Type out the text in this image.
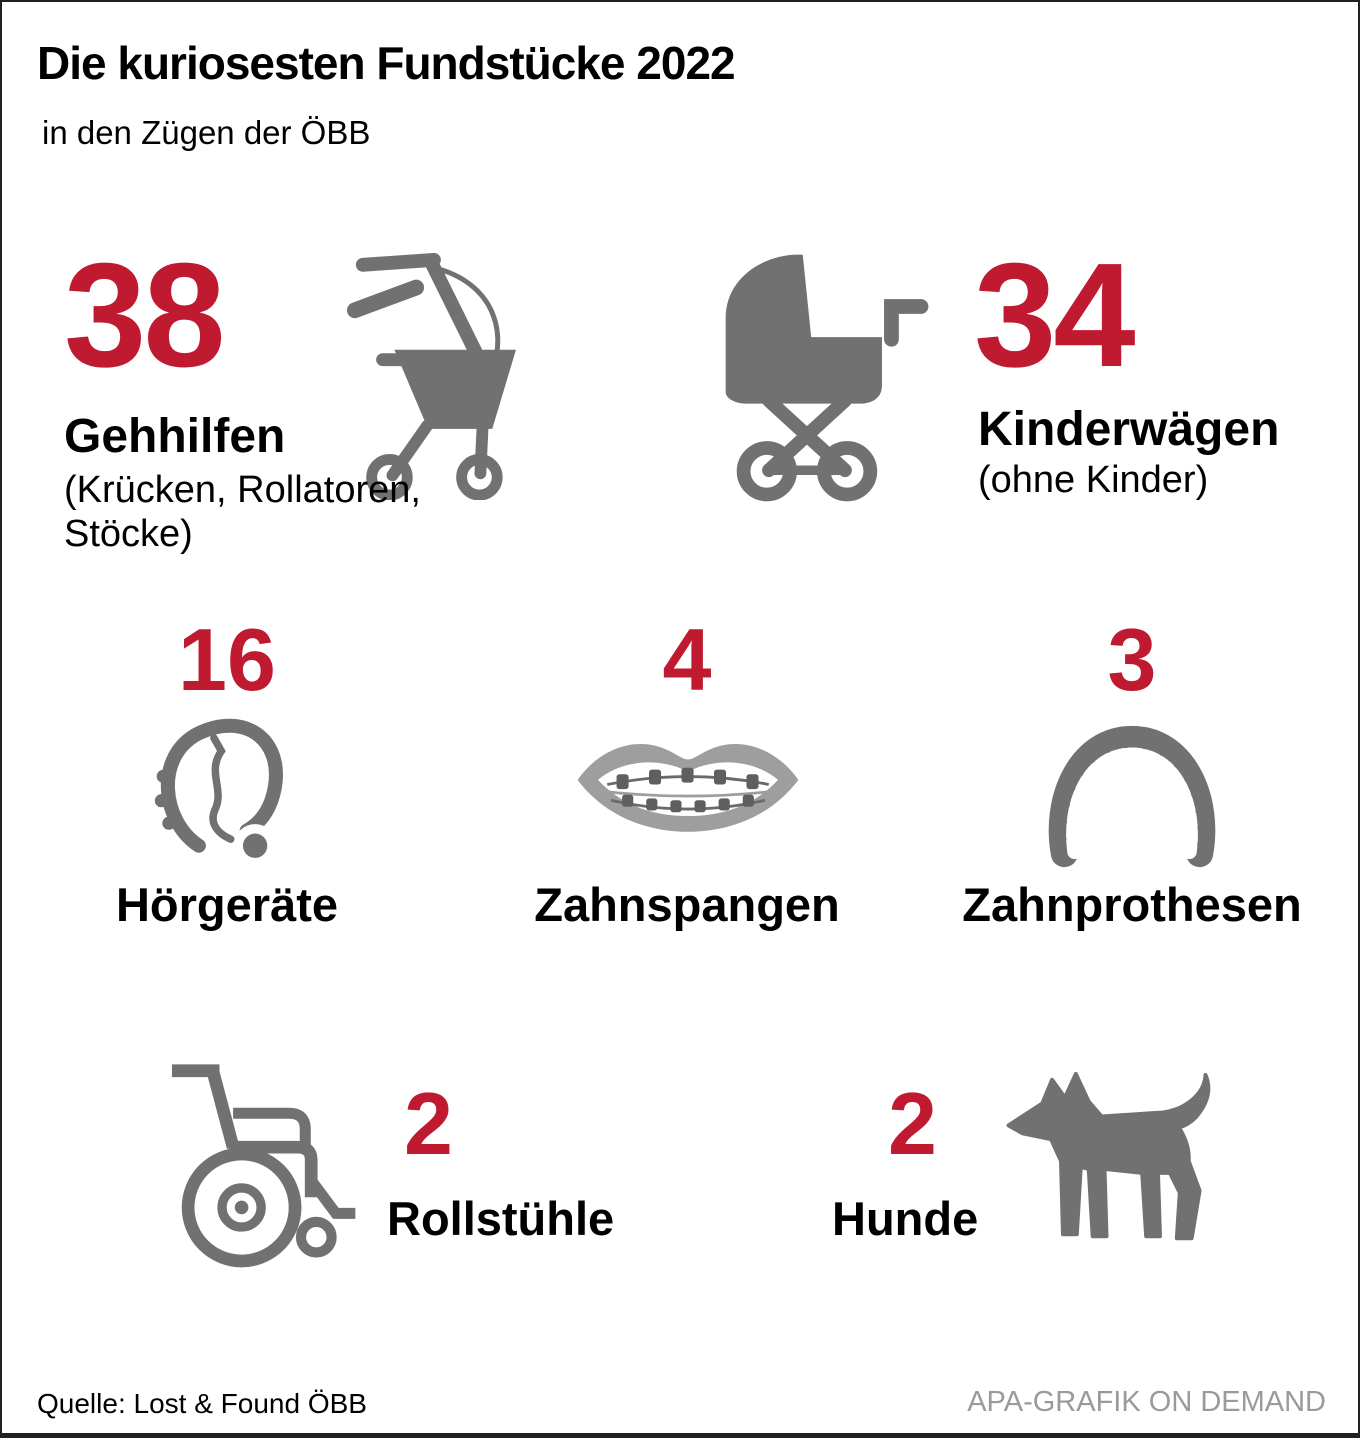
Die kuriosesten Fundstücke 2022
in den Zügen der ÖBB
38
Gehhilfen
(Krücken, Rollatoren, Stöcke)
34
Kinderwägen
(ohne Kinder)
16
Hörgeräte
4
Zahnspangen
3
Zahnprothesen
2
Rollstühle
2
Hunde
Quelle: Lost & Found ÖBB	APA-GRAFIK ON DEMAND
